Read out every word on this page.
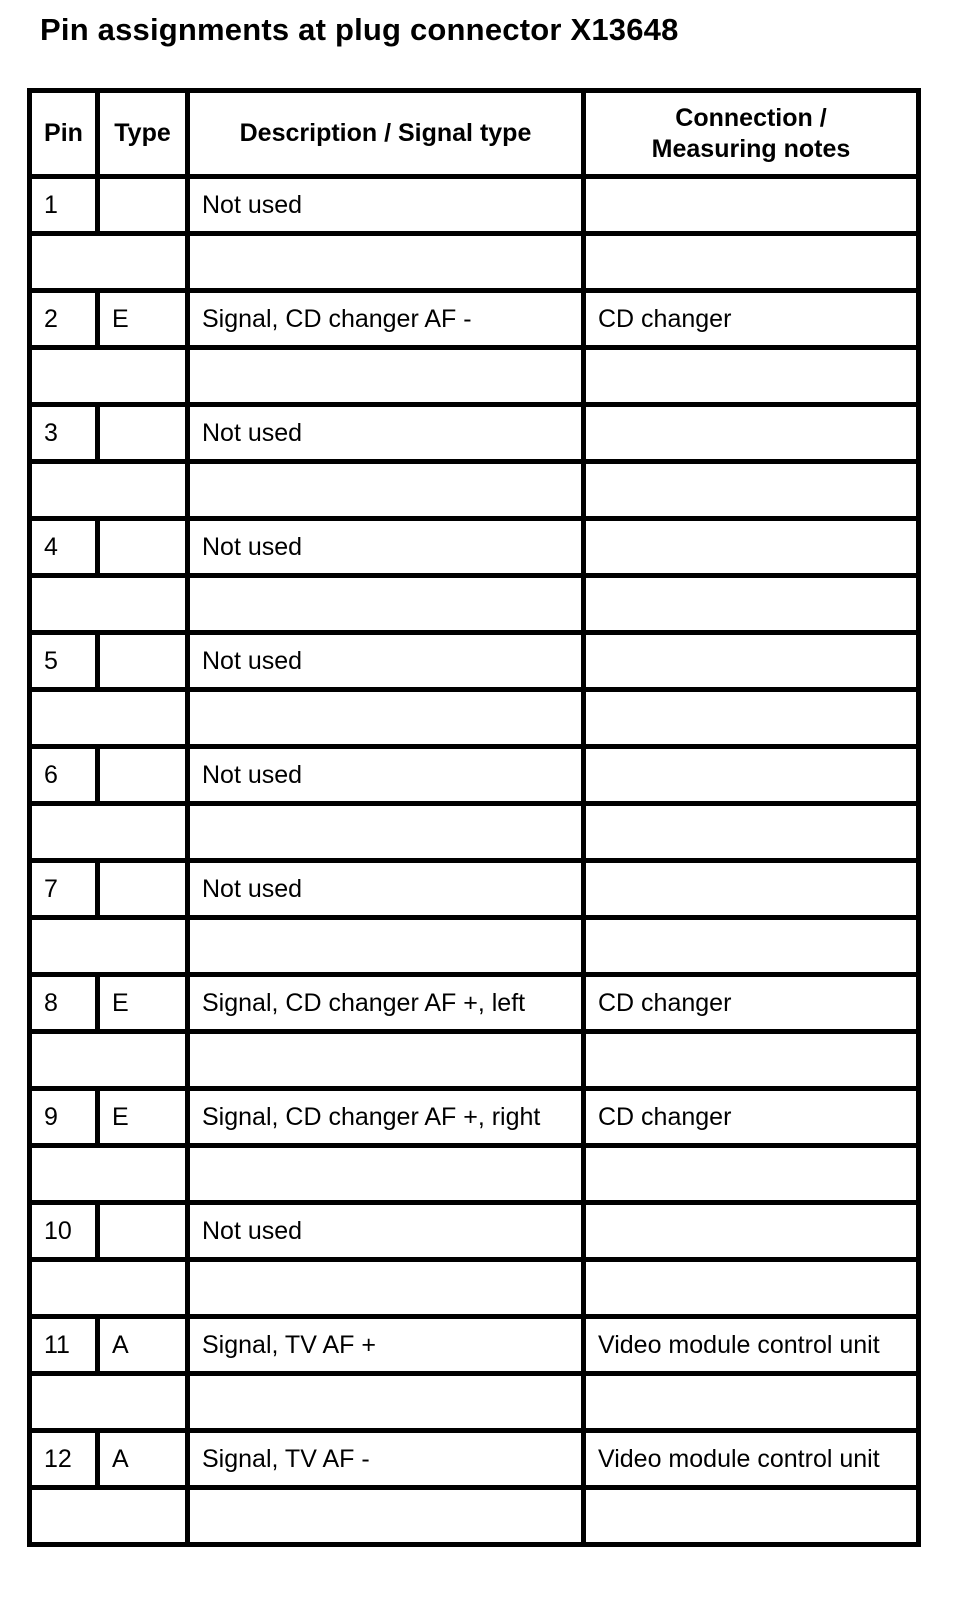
Pin assignments at plug connector X13648
Pin	Type	Description / Signal type	Connection /
Measuring notes

1		Not used	

2	E	Signal, CD changer AF -	CD changer

3		Not used	

4		Not used	

5		Not used	

6		Not used	

7		Not used	

8	E	Signal, CD changer AF +, left	CD changer

9	E	Signal, CD changer AF +, right	CD changer

10		Not used	

11	A	Signal, TV AF +	Video module control unit

12	A	Signal, TV AF -	Video module control unit
